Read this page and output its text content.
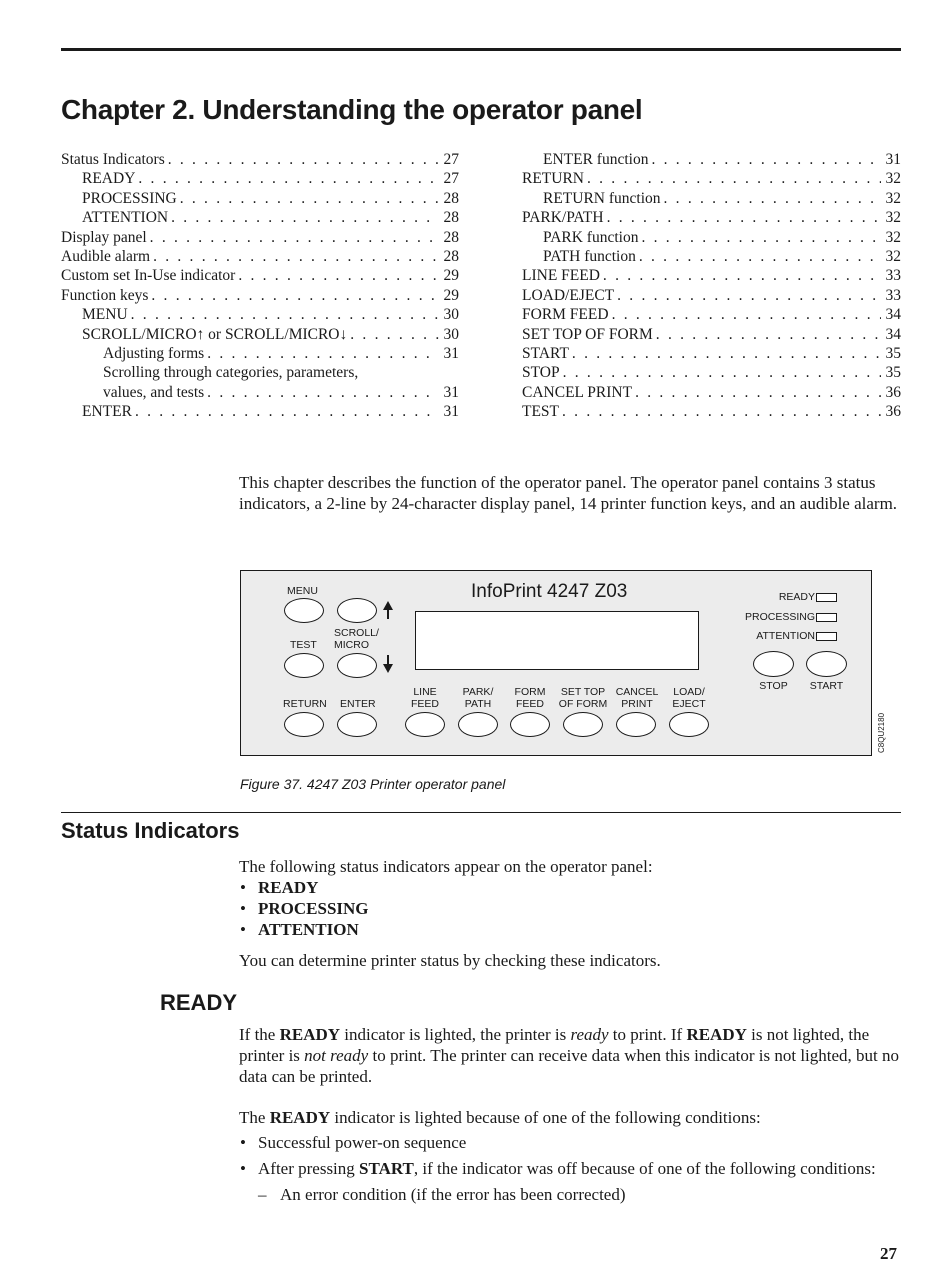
Chapter 2. Understanding the operator panel
Status Indicators . . .	27
READY . . .	27
PROCESSING . . .	28
ATTENTION . . .	28
Display panel . . .	28
Audible alarm . . .	28
Custom set In-Use indicator . . .	29
Function keys . . .	29
MENU . . .	30
SCROLL/MICRO↑ or SCROLL/MICRO↓ . . .	30
Adjusting forms . . .	31
Scrolling through categories, parameters,
values, and tests . . .	31
ENTER . . .	31
ENTER function . . .	31
RETURN . . .	32
RETURN function . . .	32
PARK/PATH . . .	32
PARK function . . .	32
PATH function . . .	32
LINE FEED . . .	33
LOAD/EJECT . . .	33
FORM FEED . . .	34
SET TOP OF FORM . . .	34
START . . .	35
STOP . . .	35
CANCEL PRINT . . .	36
TEST . . .	36
This chapter describes the function of the operator panel. The operator panel contains 3 status indicators, a 2-line by 24-character display panel, 14 printer function keys, and an audible alarm.
InfoPrint 4247 Z03
MENU
SCROLL/
MICRO
TEST
RETURN ENTER
LINE
FEED
PARK/
PATH
FORM
FEED
SET TOP
OF FORM
CANCEL
PRINT
LOAD/
EJECT
READY
PROCESSING
ATTENTION
STOP	START
C8QU2180
Figure 37. 4247 Z03 Printer operator panel
Status Indicators
The following status indicators appear on the operator panel:
• READY
• PROCESSING
• ATTENTION
You can determine printer status by checking these indicators.
READY

If the READY indicator is lighted, the printer is ready to print. If READY is not lighted, the printer is not ready to print. The printer can receive data when this indicator is not lighted, but no data can be printed.

The READY indicator is lighted because of one of the following conditions:

• Successful power-on sequence
• After pressing START, if the indicator was off because of one of the following conditions:
– An error condition (if the error has been corrected)
27
